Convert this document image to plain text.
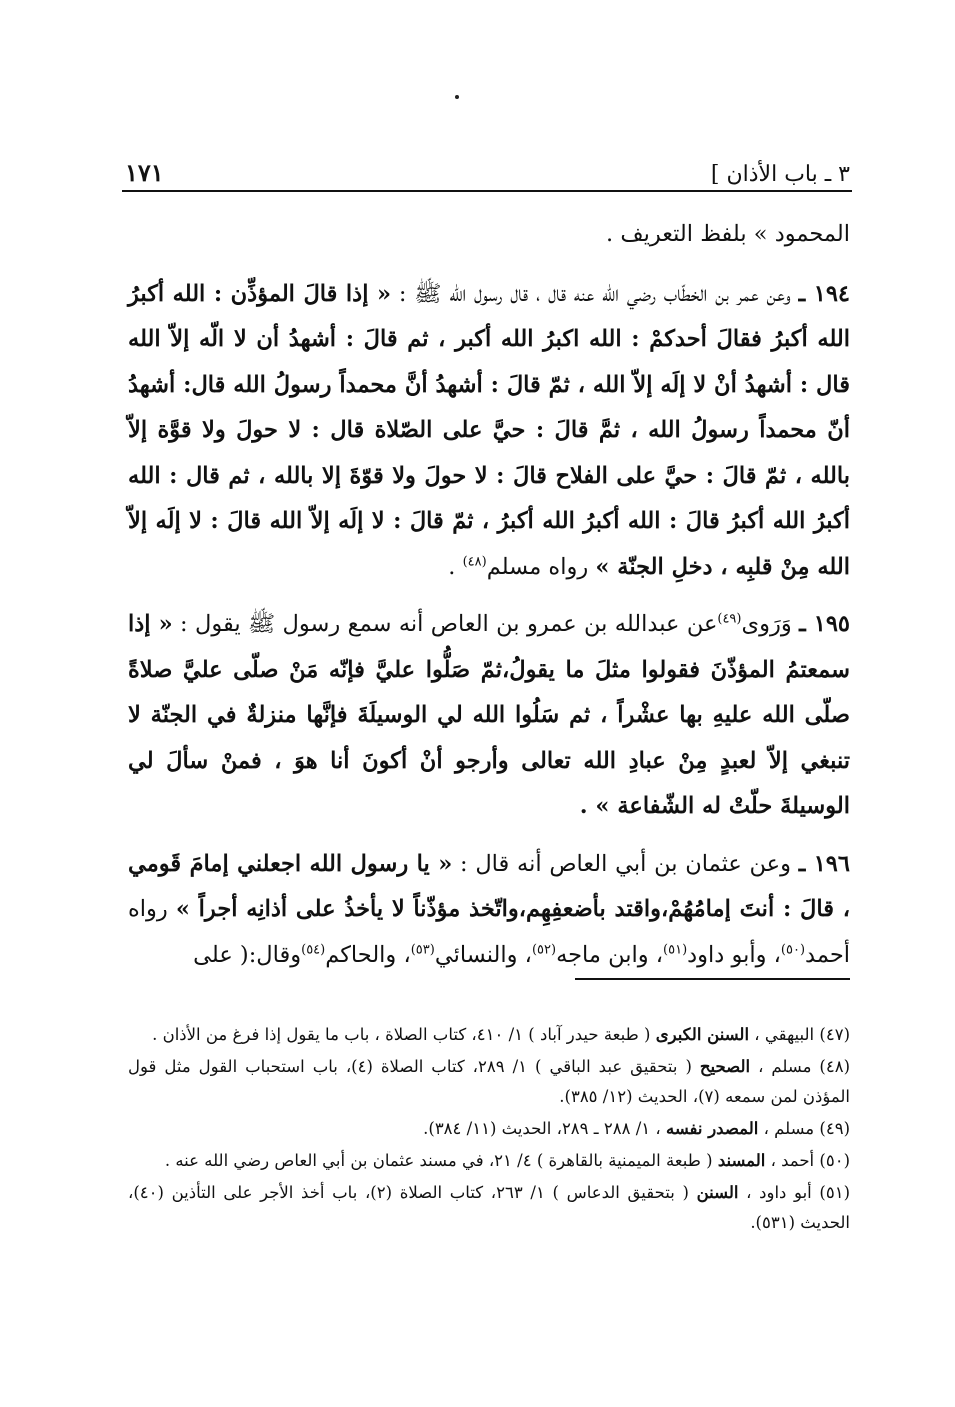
١٧١	٣ ـ باب الأذان ]

المحمود » بلفظ التعريف .

١٩٤ ـ وعن عمر بن الخطّاب رضي الله عنه قال ، قال رسول الله ﷺ : « إذا قالَ المؤذِّن : الله أكبرُ الله أكبرُ فقالَ أحدكمْ : الله اكبرُ الله أكبر ، ثم قالَ : أشهدُ أن لا الّه إلاّ الله قال : أشهدُ أنْ لا إلَه إلاّ الله ، ثمّ قالَ : أشهدُ أنَّ محمداً رسولُ الله قال: أشهدُ أنّ محمداً رسولُ الله ، ثمَّ قالَ : حيَّ على الصّلاة قال : لا حولَ ولا قوَّة إلاّ بالله ، ثمّ قالَ : حيَّ على الفلاح قالَ : لا حولَ ولا قوّةَ إلا بالله ، ثم قال : الله أكبرُ الله أكبرُ قالَ : الله أكبرُ الله أكبرُ ، ثمّ قالَ : لا إلَه إلاّ الله قالَ : لا إلَه إلاّ الله مِنْ قلبِه ، دخلِ الجنّة » رواه مسلم$^{(٤٨)}$ .

١٩٥ ـ وَرَوى$^{(٤٩)}$عن عبدالله بن عمرو بن العاص أنه سمع رسول ﷺ يقول : « إذا سمعتمُ المؤذّنَ فقولوا مثلَ ما يقولُ،ثمّ صَلُّوا عليَّ فإنّه مَنْ صلّى عليَّ صلاةً صلّى الله عليهِ بها عشْراً ، ثم سَلُوا الله لي الوسيلَةَ فإنَّها منزلةٌ في الجنّة لا تنبغي إلاّ لعبدٍ مِنْ عبادِ الله تعالى وأرجو أنْ أكونَ أنا هوَ ، فمنْ سألَ لي الوسيلةَ حلّتْ له الشّفاعة » .

١٩٦ ـ وعن عثمان بن أبي العاص أنه قال : « يا رسول الله اجعلني إمامَ قَومي ، قالَ : أنتَ إمامُهُمْ،واقتد بأضعفِهِم،واتّخذ مؤذّناً لا يأخذُ على أذانِه أجراً » رواه أحمد$^{(٥٠)}$، وأبو داود$^{(٥١)}$، وابن ماجه$^{(٥٢)}$، والنسائي$^{(٥٣)}$، والحاكم$^{(٥٤)}$وقال:( على

(٤٧) البيهقي ، السنن الكبرى ( طبعة حيدر آباد ) ١/ ٤١٠، كتاب الصلاة ، باب ما يقول إذا فرغ من الأذان .

(٤٨) مسلم ، الصحيح ( بتحقيق عبد الباقي ) ١/ ٢٨٩، كتاب الصلاة (٤)، باب استحباب القول مثل قول المؤذن لمن سمعه (٧)، الحديث (١٢/ ٣٨٥).

(٤٩) مسلم ، المصدر نفسه ، ١/ ٢٨٨ ـ ٢٨٩، الحديث (١١/ ٣٨٤).

(٥٠) أحمد ، المسند ( طبعة الميمنية بالقاهرة ) ٤/ ٢١، في مسند عثمان بن أبي العاص رضي الله عنه .

(٥١) أبو داود ، السنن ( بتحقيق الدعاس ) ١/ ٢٦٣، كتاب الصلاة (٢)، باب أخذ الأجر على التأذين (٤٠)، الحديث (٥٣١).
